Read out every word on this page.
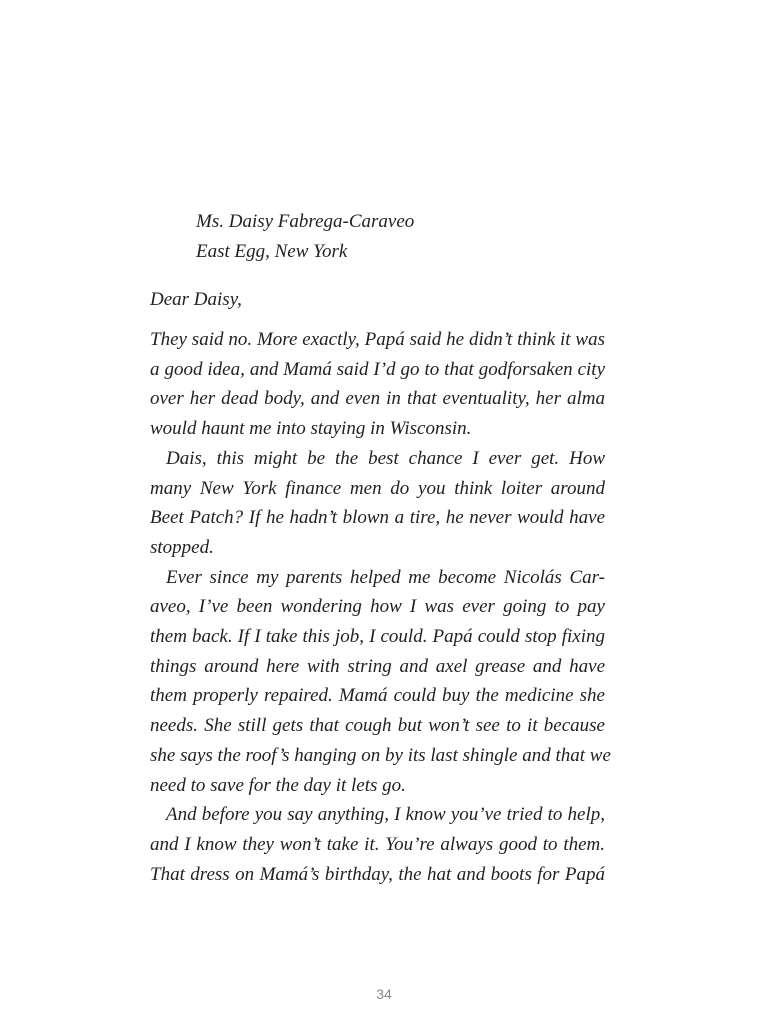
Ms. Daisy Fabrega-Caraveo
East Egg, New York
Dear Daisy,
They said no. More exactly, Papá said he didn’t think it was
a good idea, and Mamá said I’d go to that godforsaken city
over her dead body, and even in that eventuality, her alma
would haunt me into staying in Wisconsin.
Dais, this might be the best chance I ever get. How
many New York finance men do you think loiter around
Beet Patch? If he hadn’t blown a tire, he never would have
stopped.
Ever since my parents helped me become Nicolás Car-
aveo, I’ve been wondering how I was ever going to pay
them back. If I take this job, I could. Papá could stop fixing
things around here with string and axel grease and have
them properly repaired. Mamá could buy the medicine she
needs. She still gets that cough but won’t see to it because
she says the roof’s hanging on by its last shingle and that we
need to save for the day it lets go.
And before you say anything, I know you’ve tried to help,
and I know they won’t take it. You’re always good to them.
That dress on Mamá’s birthday, the hat and boots for Papá
34
